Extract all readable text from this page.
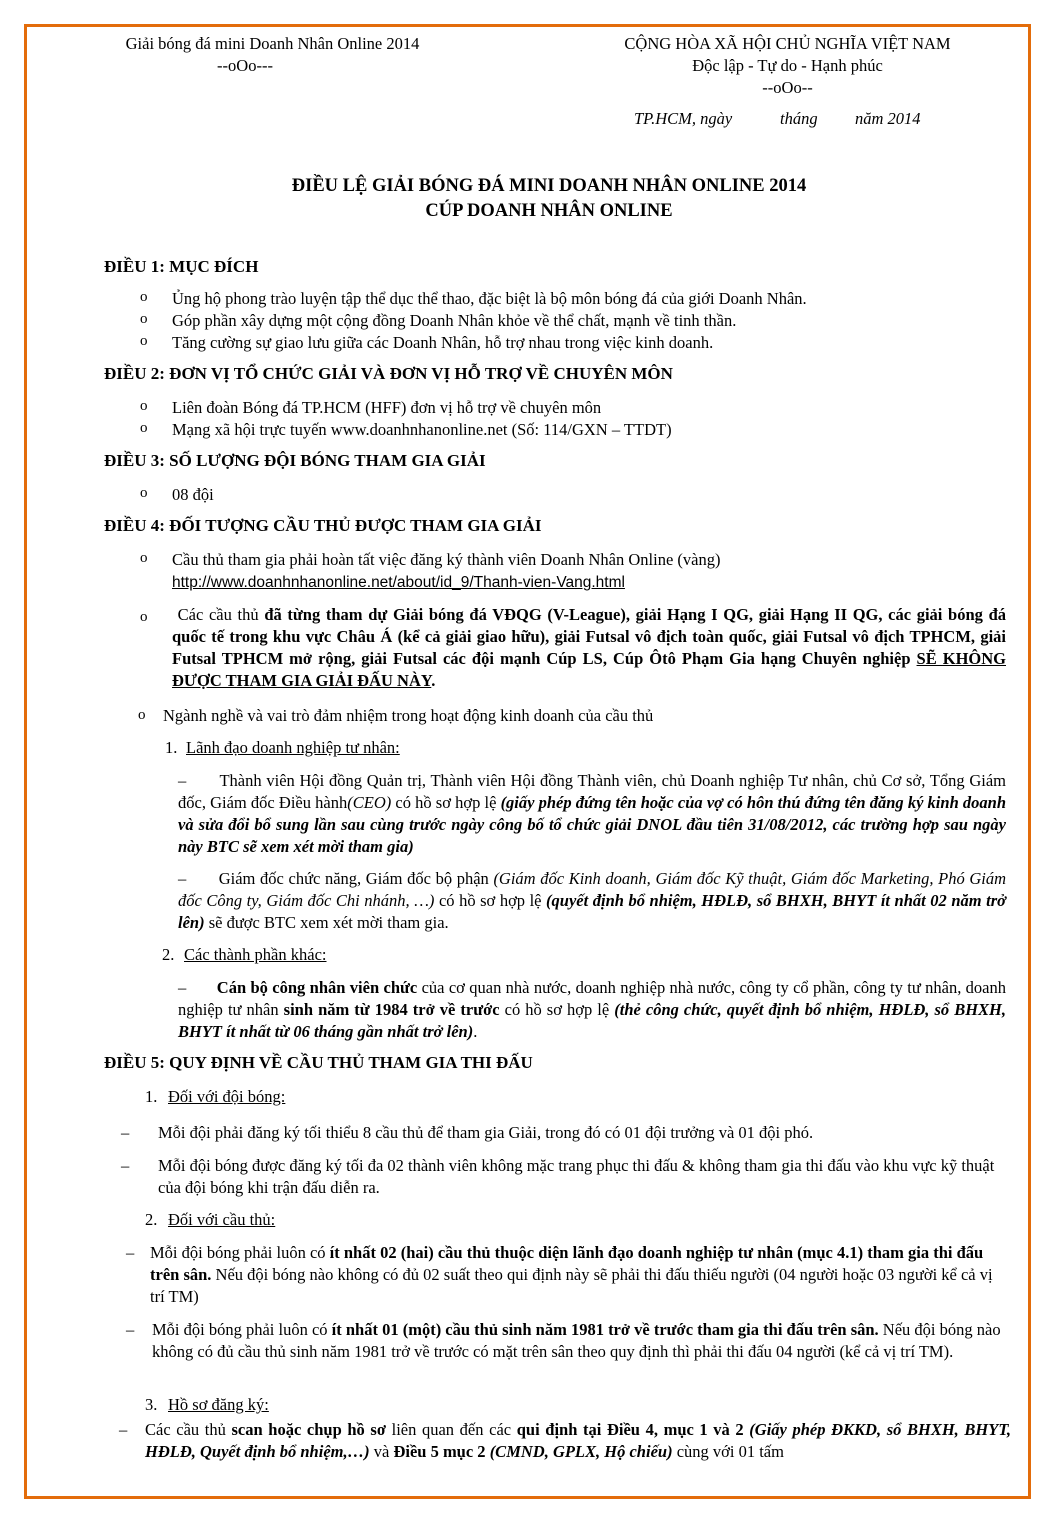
Giải bóng đá mini Doanh Nhân Online 2014
--oOo---
CỘNG HÒA XÃ HỘI CHỦ NGHĨA VIỆT NAM
Độc lập - Tự do - Hạnh phúc
--oOo--
TP.HCM, ngày	tháng năm 2014
ĐIỀU LỆ GIẢI BÓNG ĐÁ MINI DOANH NHÂN ONLINE 2014
CÚP DOANH NHÂN ONLINE
ĐIỀU 1: MỤC ĐÍCH
o Ủng hộ phong trào luyện tập thể dục thể thao, đặc biệt là bộ môn bóng đá của giới Doanh Nhân.
o Góp phần xây dựng một cộng đồng Doanh Nhân khỏe về thể chất, mạnh về tinh thần.
o Tăng cường sự giao lưu giữa các Doanh Nhân, hỗ trợ nhau trong việc kinh doanh.
ĐIỀU 2: ĐƠN VỊ TỔ CHỨC GIẢI VÀ ĐƠN VỊ HỖ TRỢ VỀ CHUYÊN MÔN
o Liên đoàn Bóng đá TP.HCM (HFF) đơn vị hỗ trợ về chuyên môn
o Mạng xã hội trực tuyến www.doanhnhanonline.net (Số: 114/GXN – TTDT)
ĐIỀU 3: SỐ LƯỢNG ĐỘI BÓNG THAM GIA GIẢI
o 08 đội
ĐIỀU 4: ĐỐI TƯỢNG CẦU THỦ ĐƯỢC THAM GIA GIẢI
o Cầu thủ tham gia phải hoàn tất việc đăng ký thành viên Doanh Nhân Online (vàng)
http://www.doanhnhanonline.net/about/id_9/Thanh-vien-Vang.html
o	Các cầu thủ đã từng tham dự Giải bóng đá VĐQG (V-League), giải Hạng I QG, giải Hạng II QG, các giải bóng đá quốc tế trong khu vực Châu Á (kể cả giải giao hữu), giải Futsal vô địch toàn quốc, giải Futsal vô địch TPHCM, giải Futsal TPHCM mở rộng, giải Futsal các đội mạnh Cúp LS, Cúp Ôtô Phạm Gia hạng Chuyên nghiệp SẼ KHÔNG ĐƯỢC THAM GIA GIẢI ĐẤU NÀY.
o Ngành nghề và vai trò đảm nhiệm trong hoạt động kinh doanh của cầu thủ
1. Lãnh đạo doanh nghiệp tư nhân:
– Thành viên Hội đồng Quản trị, Thành viên Hội đồng Thành viên, chủ Doanh nghiệp Tư nhân, chủ Cơ sở, Tổng Giám đốc, Giám đốc Điều hành(CEO) có hồ sơ hợp lệ (giấy phép đứng tên hoặc của vợ có hôn thú đứng tên đăng ký kinh doanh và sửa đổi bổ sung lần sau cùng trước ngày công bố tổ chức giải DNOL đầu tiên 31/08/2012, các trường hợp sau ngày này BTC sẽ xem xét mời tham gia)
– Giám đốc chức năng, Giám đốc bộ phận (Giám đốc Kinh doanh, Giám đốc Kỹ thuật, Giám đốc Marketing, Phó Giám đốc Công ty, Giám đốc Chi nhánh, …) có hồ sơ hợp lệ (quyết định bổ nhiệm, HĐLĐ, sổ BHXH, BHYT ít nhất 02 năm trở lên) sẽ được BTC xem xét mời tham gia.
2. Các thành phần khác:
– Cán bộ công nhân viên chức của cơ quan nhà nước, doanh nghiệp nhà nước, công ty cổ phần, công ty tư nhân, doanh nghiệp tư nhân sinh năm từ 1984 trở về trước có hồ sơ hợp lệ (thẻ công chức, quyết định bổ nhiệm, HĐLĐ, sổ BHXH, BHYT ít nhất từ 06 tháng gần nhất trở lên).
ĐIỀU 5: QUY ĐỊNH VỀ CẦU THỦ THAM GIA THI ĐẤU
1. Đối với đội bóng:
– Mỗi đội phải đăng ký tối thiểu 8 cầu thủ để tham gia Giải, trong đó có 01 đội trưởng và 01 đội phó.
– Mỗi đội bóng được đăng ký tối đa 02 thành viên không mặc trang phục thi đấu & không tham gia thi đấu vào khu vực kỹ thuật của đội bóng khi trận đấu diễn ra.
2. Đối với cầu thủ:
– Mỗi đội bóng phải luôn có ít nhất 02 (hai) cầu thủ thuộc diện lãnh đạo doanh nghiệp tư nhân (mục 4.1) tham gia thi đấu trên sân. Nếu đội bóng nào không có đủ 02 suất theo qui định này sẽ phải thi đấu thiếu người (04 người hoặc 03 người kể cả vị trí TM)
– Mỗi đội bóng phải luôn có ít nhất 01 (một) cầu thủ sinh năm 1981 trở về trước tham gia thi đấu trên sân. Nếu đội bóng nào không có đủ cầu thủ sinh năm 1981 trở về trước có mặt trên sân theo quy định thì phải thi đấu 04 người (kể cả vị trí TM).
3. Hồ sơ đăng ký:
– Các cầu thủ scan hoặc chụp hồ sơ liên quan đến các qui định tại Điều 4, mục 1 và 2 (Giấy phép ĐKKD, sổ BHXH, BHYT, HĐLĐ, Quyết định bổ nhiệm,…) và Điều 5 mục 2 (CMND, GPLX, Hộ chiếu) cùng với 01 tấm
